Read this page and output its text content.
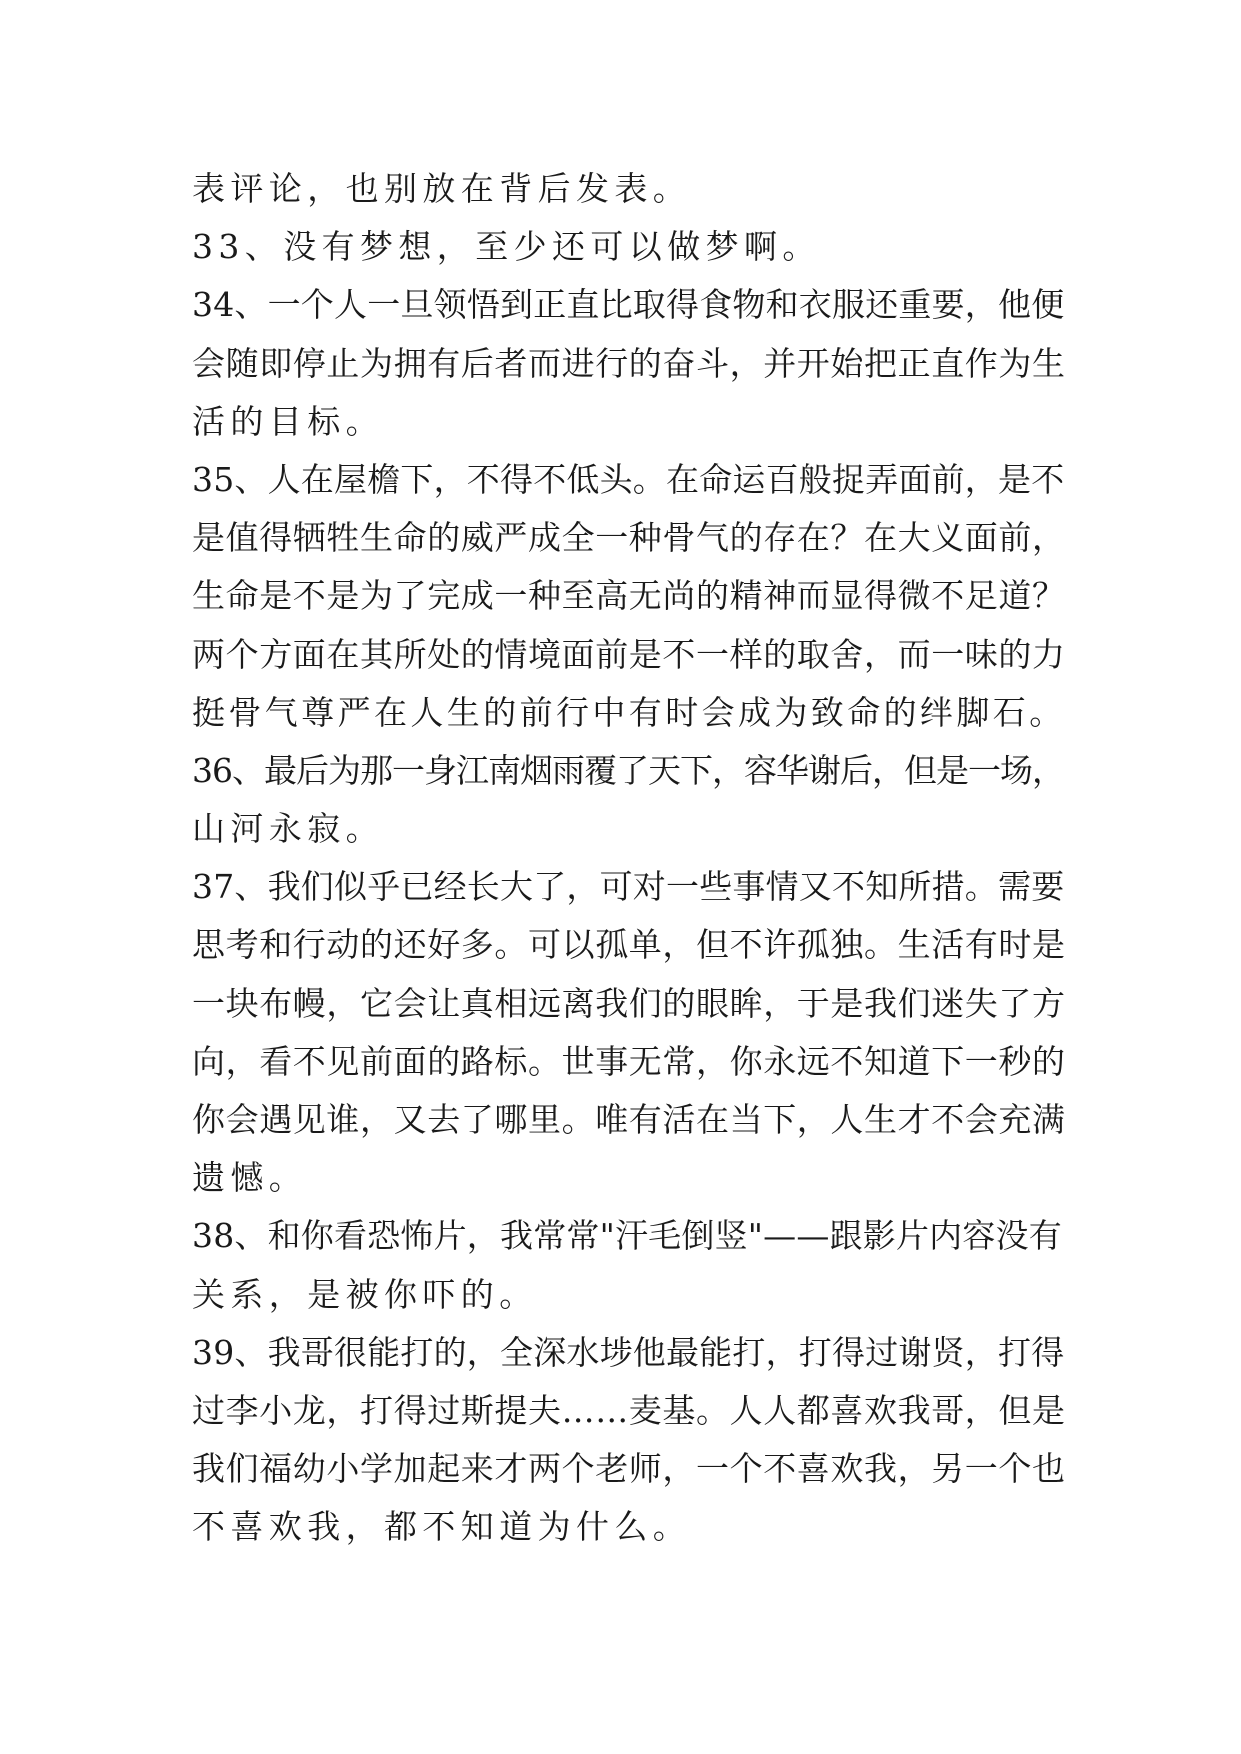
表评论，也别放在背后发表。
33、没有梦想，至少还可以做梦啊。
34、一个人一旦领悟到正直比取得食物和衣服还重要，他便
会随即停止为拥有后者而进行的奋斗，并开始把正直作为生
活的目标。
35、人在屋檐下，不得不低头。在命运百般捉弄面前，是不
是值得牺牲生命的威严成全一种骨气的存在？在大义面前，
生命是不是为了完成一种至高无尚的精神而显得微不足道？
两个方面在其所处的情境面前是不一样的取舍，而一味的力
挺骨气尊严在人生的前行中有时会成为致命的绊脚石。
36、最后为那一身江南烟雨覆了天下，容华谢后，但是一场，
山河永寂。
37、我们似乎已经长大了，可对一些事情又不知所措。需要
思考和行动的还好多。可以孤单，但不许孤独。生活有时是
一块布幔，它会让真相远离我们的眼眸，于是我们迷失了方
向，看不见前面的路标。世事无常，你永远不知道下一秒的
你会遇见谁，又去了哪里。唯有活在当下，人生才不会充满
遗憾。
38、和你看恐怖片，我常常"汗毛倒竖"——跟影片内容没有
关系，是被你吓的。
39、我哥很能打的，全深水埗他最能打，打得过谢贤，打得
过李小龙，打得过斯提夫……麦基。人人都喜欢我哥，但是
我们福幼小学加起来才两个老师，一个不喜欢我，另一个也
不喜欢我，都不知道为什么。
